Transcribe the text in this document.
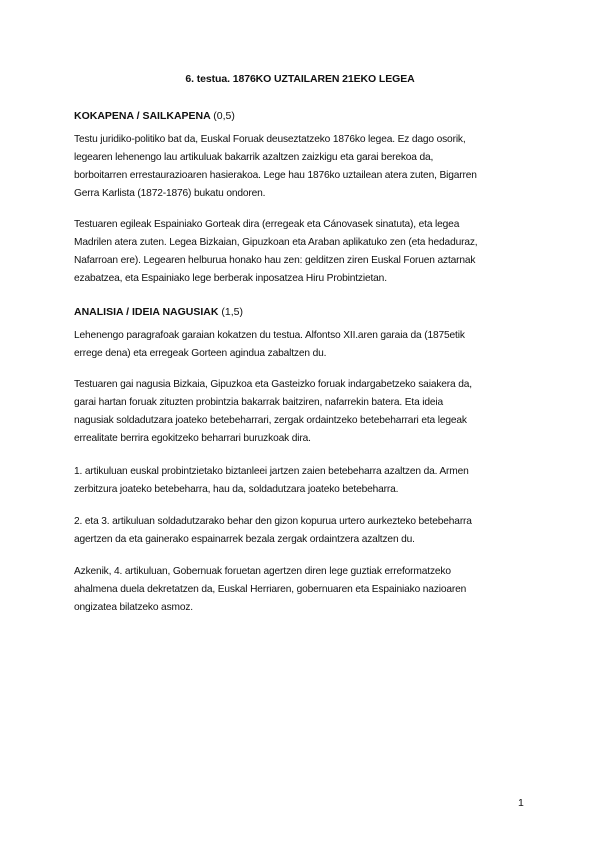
6. testua. 1876KO UZTAILAREN 21EKO LEGEA
KOKAPENA / SAILKAPENA (0,5)
Testu juridiko-politiko bat da, Euskal Foruak deuseztatzeko 1876ko legea. Ez dago osorik,
legearen lehenengo lau artikuluak bakarrik azaltzen zaizkigu eta garai berekoa da,
borboitarren errestaurazioaren hasierakoa. Lege hau 1876ko uztailean atera zuten, Bigarren
Gerra Karlista (1872-1876) bukatu ondoren.
Testuaren egileak Espainiako Gorteak dira (erregeak eta Cánovasek sinatuta), eta legea
Madrilen atera zuten. Legea Bizkaian, Gipuzkoan eta Araban aplikatuko zen (eta hedaduraz,
Nafarroan ere). Legearen helburua honako hau zen: gelditzen ziren Euskal Foruen aztarnak
ezabatzea, eta Espainiako lege berberak inposatzea Hiru Probintzietan.
ANALISIA / IDEIA NAGUSIAK (1,5)
Lehenengo paragrafoak garaian kokatzen du testua. Alfontso XII.aren garaia da (1875etik
errege dena) eta erregeak Gorteen agindua zabaltzen du.
Testuaren gai nagusia Bizkaia, Gipuzkoa eta Gasteizko foruak indargabetzeko saiakera da,
garai hartan foruak zituzten probintzia bakarrak baitziren, nafarrekin batera. Eta ideia
nagusiak soldadutzara joateko betebeharrari, zergak ordaintzeko betebeharrari eta legeak
errealitate berrira egokitzeko beharrari buruzkoak dira.
1. artikuluan euskal probintzietako biztanleei jartzen zaien betebeharra azaltzen da. Armen
zerbitzura joateko betebeharra, hau da, soldadutzara joateko betebeharra.
2. eta 3. artikuluan soldadutzarako behar den gizon kopurua urtero aurkezteko betebeharra
agertzen da eta gainerako espainarrek bezala zergak ordaintzera azaltzen du.
Azkenik, 4. artikuluan, Gobernuak foruetan agertzen diren lege guztiak erreformatzeko
ahalmena duela dekretatzen da, Euskal Herriaren, gobernuaren eta Espainiako nazioaren
ongizatea bilatzeko asmoz.
1
